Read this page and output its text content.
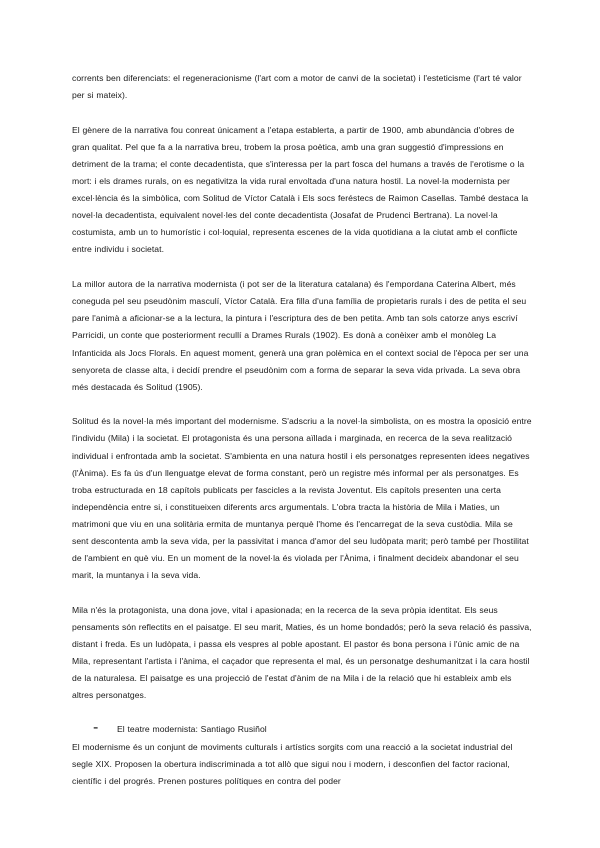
corrents ben diferenciats: el regeneracionisme (l'art com a motor de canvi de la societat) i l'esteticisme (l'art té valor per si mateix).

El gènere de la narrativa fou conreat únicament a l'etapa establerta, a partir de 1900, amb abundància d'obres de gran qualitat. Pel que fa a la narrativa breu, trobem la prosa poètica, amb una gran suggestió d'impressions en detriment de la trama; el conte decadentista, que s'interessa per la part fosca del humans a través de l'erotisme o la mort: i els drames rurals, on es negativitza la vida rural envoltada d'una natura hostil. La novel·la modernista per excel·lència és la simbòlica, com Solitud de Víctor Català i Els socs feréstecs de Raimon Casellas. També destaca la novel·la decadentista, equivalent novel·les del conte decadentista (Josafat de Prudenci Bertrana). La novel·la costumista, amb un to humorístic i col·loquial, representa escenes de la vida quotidiana a la ciutat amb el conflicte entre individu i societat.

La millor autora de la narrativa modernista (i pot ser de la literatura catalana) és l'empordana Caterina Albert, més coneguda pel seu pseudònim masculí, Víctor Català. Era filla d'una família de propietaris rurals i des de petita el seu pare l'animà a aficionar-se a la lectura, la pintura i l'escriptura des de ben petita. Amb tan sols catorze anys escriví Parricidi, un conte que posteriorment recullí a Drames Rurals (1902). Es donà a conèixer amb el monòleg La Infanticida als Jocs Florals. En aquest moment, generà una gran polèmica en el context social de l'època per ser una senyoreta de classe alta, i decidí prendre el pseudònim com a forma de separar la seva vida privada. La seva obra més destacada és Solitud (1905).

Solitud és la novel·la més important del modernisme. S'adscriu a la novel·la simbolista, on es mostra la oposició entre l'individu (Mila) i la societat. El protagonista és una persona aïllada i marginada, en recerca de la seva realització individual i enfrontada amb la societat. S'ambienta en una natura hostil i els personatges representen idees negatives (l'Ànima). Es fa ús d'un llenguatge elevat de forma constant, però un registre més informal per als personatges. Es troba estructurada en 18 capítols publicats per fascicles a la revista Joventut. Els capítols presenten una certa independència entre si, i constitueixen diferents arcs argumentals. L'obra tracta la història de Mila i Maties, un matrimoni que viu en una solitària ermita de muntanya perquè l'home és l'encarregat de la seva custòdia. Mila se sent descontenta amb la seva vida, per la passivitat i manca d'amor del seu ludòpata marit; però també per l'hostilitat de l'ambient en què viu. En un moment de la novel·la és violada per l'Ànima, i finalment decideix abandonar el seu marit, la muntanya i la seva vida.

Mila n'és la protagonista, una dona jove, vital i apasionada; en la recerca de la seva pròpia identitat. Els seus pensaments són reflectits en el paisatge. El seu marit, Maties, és un home bondadós; però la seva relació és passiva, distant i freda. Es un ludòpata, i passa els vespres al poble apostant. El pastor és bona persona i l'únic amic de na Mila, representant l'artista i l'ànima, el caçador que representa el mal, és un personatge deshumanitzat i la cara hostil de la naturalesa. El paisatge es una projecció de l'estat d'ànim de na Mila i de la relació que hi estableix amb els altres personatges.

-	El teatre modernista: Santiago Rusiñol

El modernisme és un conjunt de moviments culturals i artístics sorgits com una reacció a la societat industrial del segle XIX. Proposen la obertura indiscriminada a tot allò que sigui nou i modern, i desconfien del factor racional, científic i del progrés. Prenen postures polítiques en contra del poder
